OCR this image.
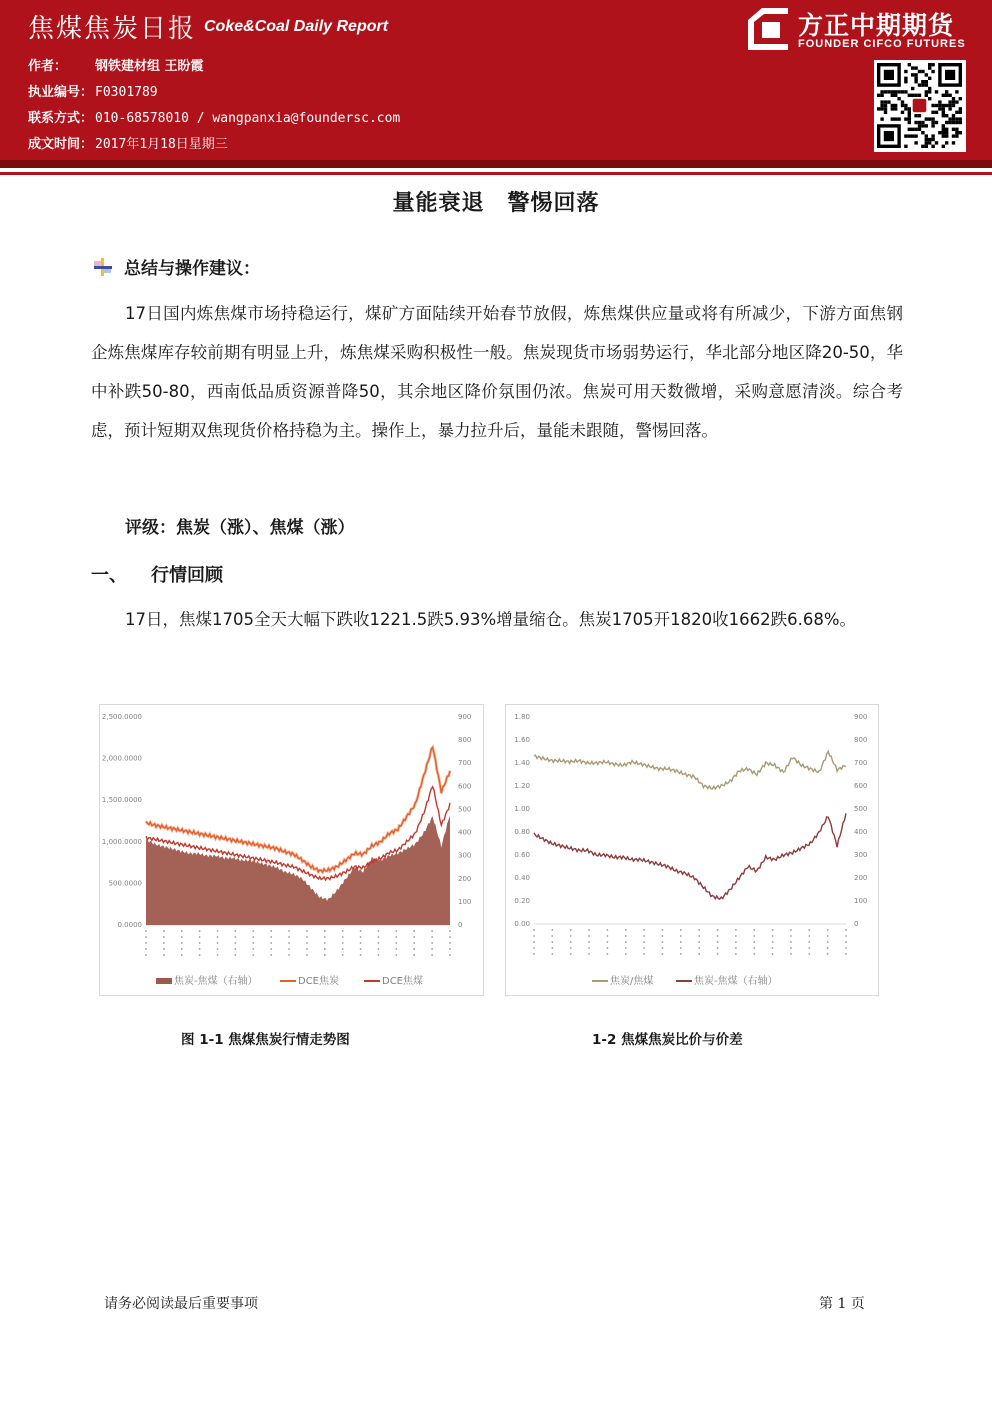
焦煤焦炭日报 Coke&Coal Daily Report
作者： 钢铁建材组 王盼霞
执业编号： F0301789
联系方式： 010-68578010 / wangpanxia@foundersc.com
成文时间： 2017年1月18日星期三
方正中期期货
FOUNDER CIFCO FUTURES
量能衰退　警惕回落
总结与操作建议：
17日国内炼焦煤市场持稳运行，煤矿方面陆续开始春节放假，炼焦煤供应量或将有所减少，下游方面焦钢企炼焦煤库存较前期有明显上升，炼焦煤采购积极性一般。焦炭现货市场弱势运行，华北部分地区降20-50，华中补跌50-80，西南低品质资源普降50，其余地区降价氛围仍浓。焦炭可用天数微增，采购意愿清淡。综合考虑，预计短期双焦现货价格持稳为主。操作上，暴力拉升后，量能未跟随，警惕回落。
评级：焦炭（涨）、焦煤（涨）
一、 行情回顾
17日，焦煤1705全天大幅下跌收1221.5跌5.93%增量缩仓。焦炭1705开1820收1662跌6.68%。
0.0000
500.0000
1,000.0000
1,500.0000
2,000.0000
2,500.0000
0
100
200
300
400
500
600
700
800
900
焦炭-焦煤（右轴）	DCE焦炭	DCE焦煤
0.00
0.20
0.40
0.60
0.80
1.00
1.20
1.40
1.60
1.80
0
100
200
300
400
500
600
700
800
900
焦炭/焦煤	焦炭-焦煤（右轴）
图 1-1 焦煤焦炭行情走势图	1-2 焦煤焦炭比价与价差
请务必阅读最后重要事项	第 1 页
